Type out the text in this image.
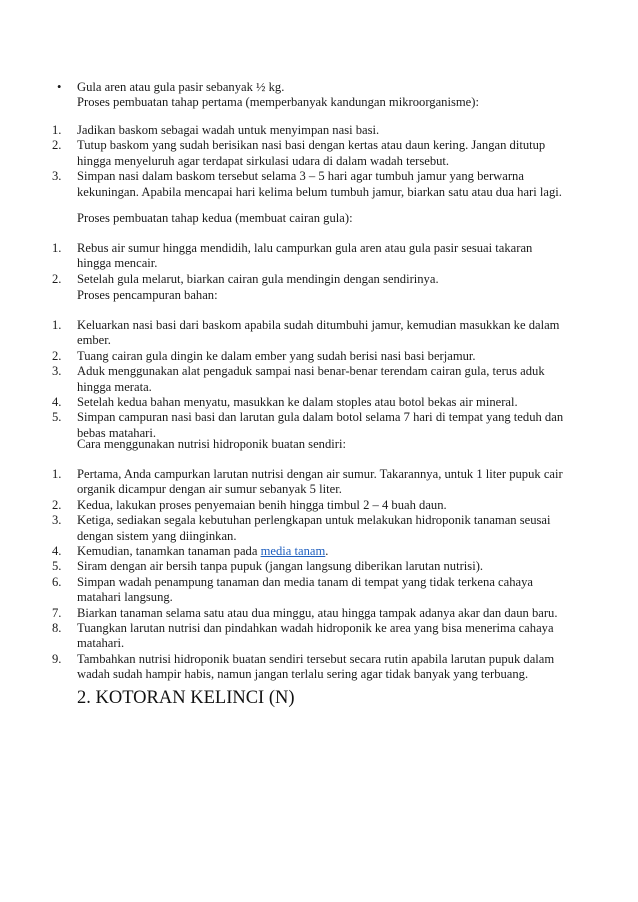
• Gula aren atau gula pasir sebanyak ½ kg.
Proses pembuatan tahap pertama (memperbanyak kandungan mikroorganisme):
1. Jadikan baskom sebagai wadah untuk menyimpan nasi basi.
2. Tutup baskom yang sudah berisikan nasi basi dengan kertas atau daun kering. Jangan ditutup hingga menyeluruh agar terdapat sirkulasi udara di dalam wadah tersebut.
3. Simpan nasi dalam baskom tersebut selama 3 – 5 hari agar tumbuh jamur yang berwarna kekuningan. Apabila mencapai hari kelima belum tumbuh jamur, biarkan satu atau dua hari lagi.
Proses pembuatan tahap kedua (membuat cairan gula):
1. Rebus air sumur hingga mendidih, lalu campurkan gula aren atau gula pasir sesuai takaran hingga mencair.
2. Setelah gula melarut, biarkan cairan gula mendingin dengan sendirinya.
Proses pencampuran bahan:
1. Keluarkan nasi basi dari baskom apabila sudah ditumbuhi jamur, kemudian masukkan ke dalam ember.
2. Tuang cairan gula dingin ke dalam ember yang sudah berisi nasi basi berjamur.
3. Aduk menggunakan alat pengaduk sampai nasi benar-benar terendam cairan gula, terus aduk hingga merata.
4. Setelah kedua bahan menyatu, masukkan ke dalam stoples atau botol bekas air mineral.
5. Simpan campuran nasi basi dan larutan gula dalam botol selama 7 hari di tempat yang teduh dan bebas matahari.
Cara menggunakan nutrisi hidroponik buatan sendiri:
1. Pertama, Anda campurkan larutan nutrisi dengan air sumur. Takarannya, untuk 1 liter pupuk cair organik dicampur dengan air sumur sebanyak 5 liter.
2. Kedua, lakukan proses penyemaian benih hingga timbul 2 – 4 buah daun.
3. Ketiga, sediakan segala kebutuhan perlengkapan untuk melakukan hidroponik tanaman seusai dengan sistem yang diinginkan.
4. Kemudian, tanamkan tanaman pada media tanam.
5. Siram dengan air bersih tanpa pupuk (jangan langsung diberikan larutan nutrisi).
6. Simpan wadah penampung tanaman dan media tanam di tempat yang tidak terkena cahaya matahari langsung.
7. Biarkan tanaman selama satu atau dua minggu, atau hingga tampak adanya akar dan daun baru.
8. Tuangkan larutan nutrisi dan pindahkan wadah hidroponik ke area yang bisa menerima cahaya matahari.
9. Tambahkan nutrisi hidroponik buatan sendiri tersebut secara rutin apabila larutan pupuk dalam wadah sudah hampir habis, namun jangan terlalu sering agar tidak banyak yang terbuang.
2. KOTORAN KELINCI (N)
